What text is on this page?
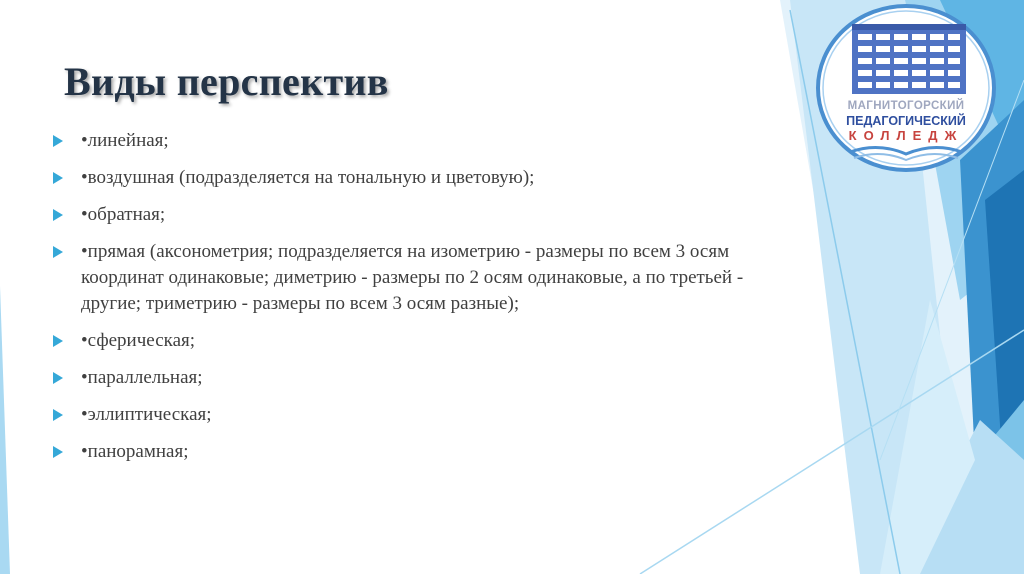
Виды перспектив
•линейная;
•воздушная (подразделяется на тональную и цветовую);
•обратная;
•прямая (аксонометрия; подразделяется на изометрию - размеры по всем 3 осям координат одинаковые; диметрию - размеры по 2 осям одинаковые, а по третьей - другие; триметрию - размеры по всем 3 осям разные);
•сферическая;
•параллельная;
•эллиптическая;
•панорамная;
МАГНИТОГОРСКИЙ
ПЕДАГОГИЧЕСКИЙ
КОЛЛЕДЖ
